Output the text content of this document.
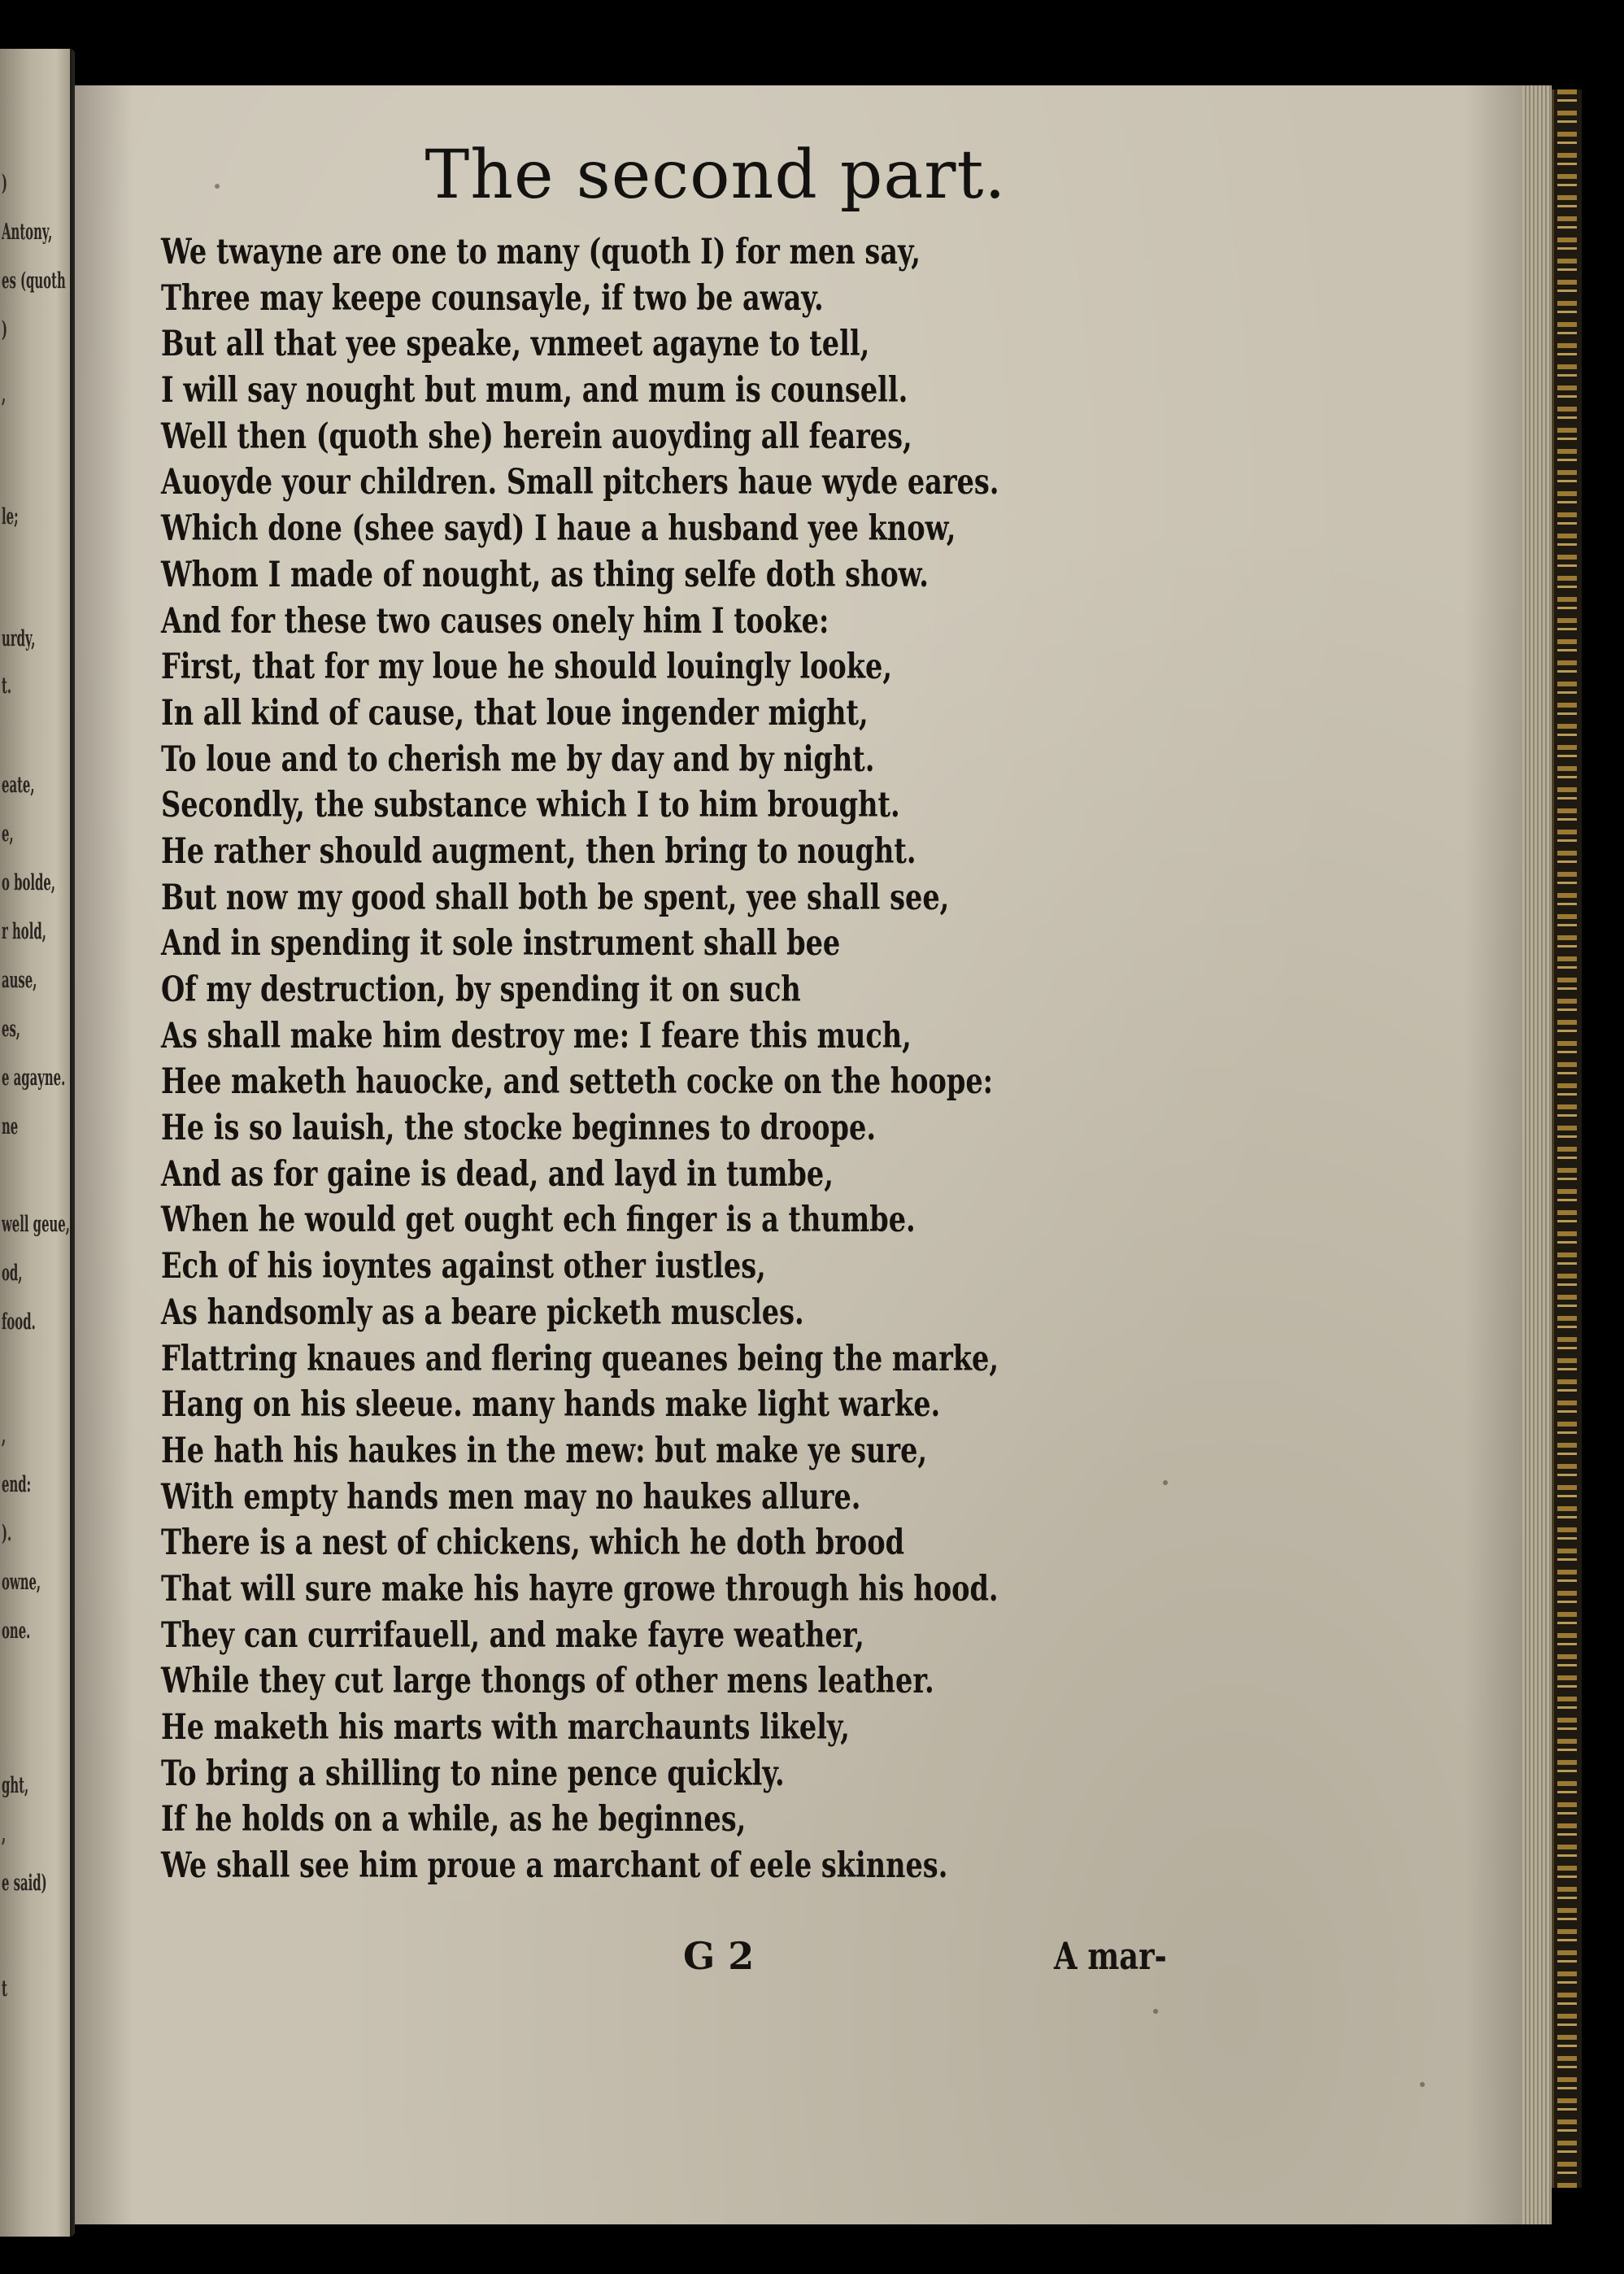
)
Antony,
es (quoth
)
,
le;
urdy,
t.
eate,
e,
o bolde,
r hold,
ause,
es,
e agayne.
ne
well geue,
od,
food.
,
end:
).
owne,
one.
ght,
,
e said)
t
The second part.
We twayne are one to many (quoth I) for men say,
Three may keepe counsayle, if two be away.
But all that yee speake, vnmeet agayne to tell,
I will say nought but mum, and mum is counsell.
Well then (quoth she) herein auoyding all feares,
Auoyde your children. Small pitchers haue wyde eares.
Which done (shee sayd) I haue a husband yee know,
Whom I made of nought, as thing selfe doth show.
And for these two causes onely him I tooke:
First, that for my loue he should louingly looke,
In all kind of cause, that loue ingender might,
To loue and to cherish me by day and by night.
Secondly, the substance which I to him brought.
He rather should augment, then bring to nought.
But now my good shall both be spent, yee shall see,
And in spending it sole instrument shall bee
Of my destruction, by spending it on such
As shall make him destroy me: I feare this much,
Hee maketh hauocke, and setteth cocke on the hoope:
He is so lauish, the stocke beginnes to droope.
And as for gaine is dead, and layd in tumbe,
When he would get ought ech finger is a thumbe.
Ech of his ioyntes against other iustles,
As handsomly as a beare picketh muscles.
Flattring knaues and flering queanes being the marke,
Hang on his sleeue. many hands make light warke.
He hath his haukes in the mew: but make ye sure,
With empty hands men may no haukes allure.
There is a nest of chickens, which he doth brood
That will sure make his hayre growe through his hood.
They can currifauell, and make fayre weather,
While they cut large thongs of other mens leather.
He maketh his marts with marchaunts likely,
To bring a shilling to nine pence quickly.
If he holds on a while, as he beginnes,
We shall see him proue a marchant of eele skinnes.
G 2	A mar-
